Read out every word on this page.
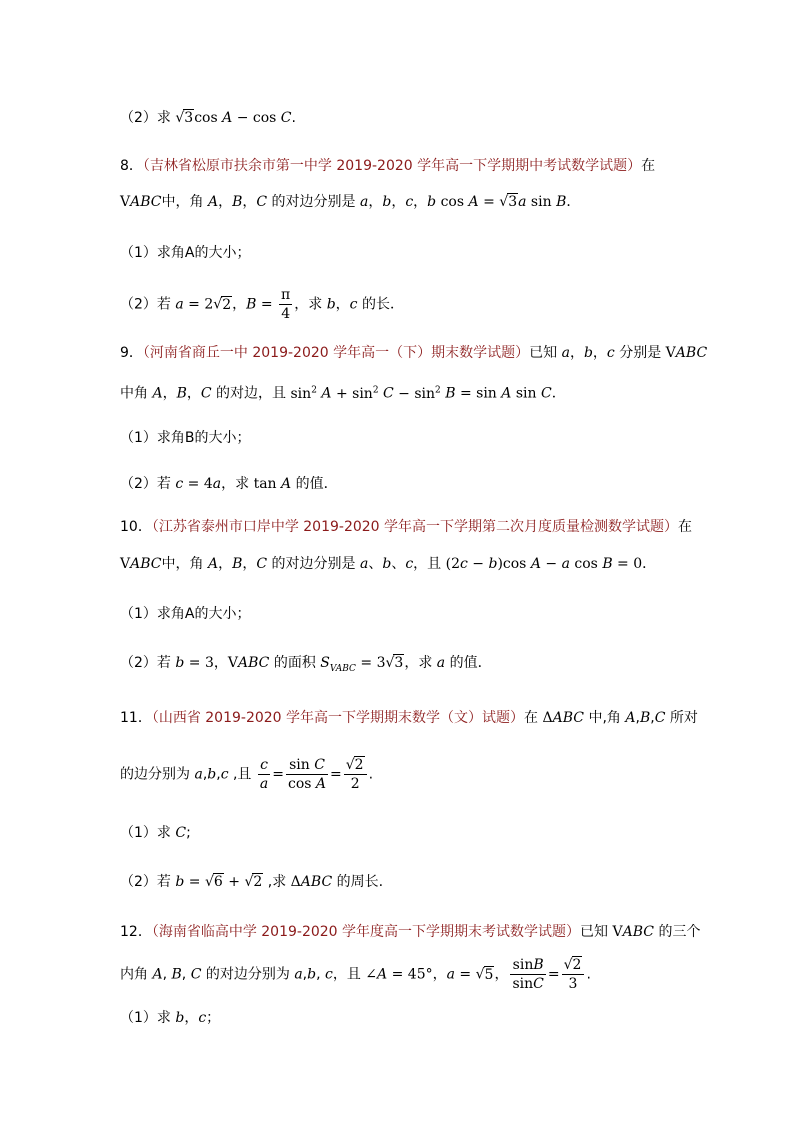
（2）求 √3cos A − cos C.
8．（吉林省松原市扶余市第一中学 2019-2020 学年高一下学期期中考试数学试题）在
VABC中，角 A，B，C 的对边分别是 a，b，c，b cos A = √3a sin B．
（1）求角A的大小；
（2）若 a = 2√2，$B = \frac{\pi}{4}$ ，求 b，c 的长．
9．（河南省商丘一中 2019-2020 学年高一（下）期末数学试题）已知 a，b，c 分别是 VABC
中角 A，B，C 的对边，且 $\sin^2 A + \sin^2 C - \sin^2 B = \sin A$ sin C．
（1）求角B的大小；
（2）若 c = 4a，求 tan A 的值．
10．（江苏省泰州市口岸中学 2019-2020 学年高一下学期第二次月度质量检测数学试题）在
VABC中，角 A，B，C 的对边分别是 a、b、c，且 (2c − b)cos A − a cos B = 0．
（1）求角A的大小；
（2）若 b = 3，VABC 的面积 $S_{VABC} = 3√3$，求 a 的值．
11．（山西省 2019-2020 学年高一下学期期末数学（文）试题）在 ΔABC 中,角 A,B,C 所对
的边分别为 a,b,c ,且 $\frac{c}{a} = \frac{\text{sin C}}{\text{cos A}} = \frac{√2}{2}$ .
（1）求 C;
（2）若 b = √6 + √2 ,求 ΔABC 的周长.
12．（海南省临高中学 2019-2020 学年度高一下学期期末考试数学试题）已知 VABC 的三个
内角 A, B, C 的对边分别为 a,b, c，且 ∠A = 45°，a = √5， $\frac{\sin B}{\sin C} = \frac{√2}{3}$ .
（1）求 b，c；
